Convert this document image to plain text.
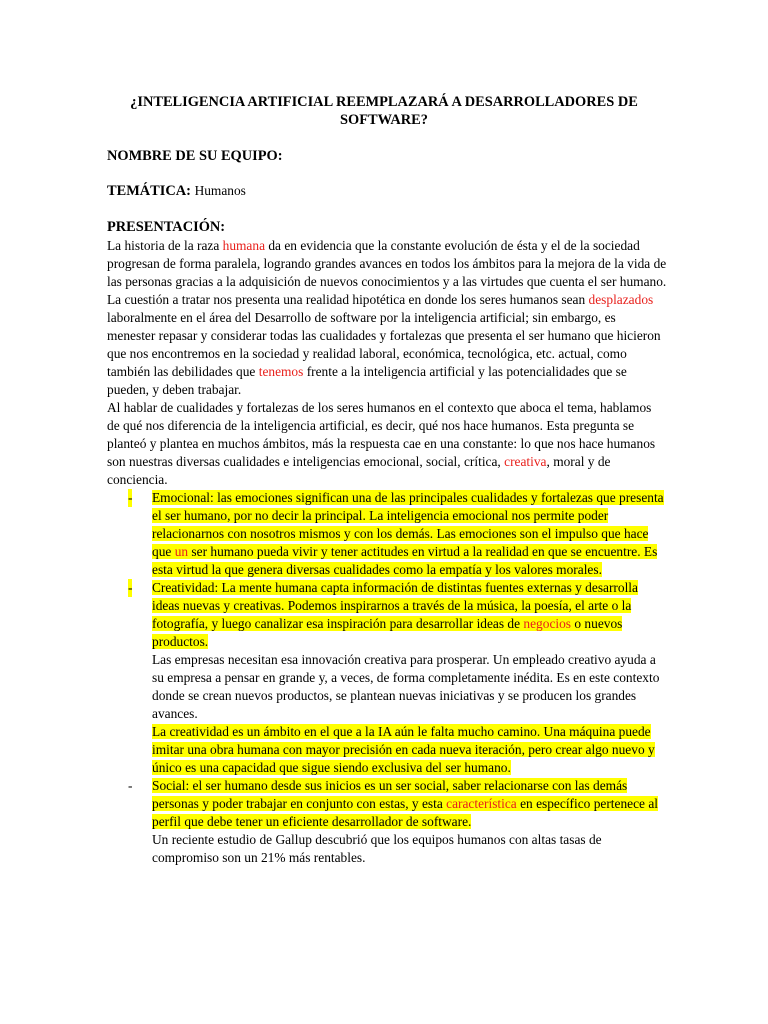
¿INTELIGENCIA ARTIFICIAL REEMPLAZARÁ A DESARROLLADORES DE SOFTWARE?
NOMBRE DE SU EQUIPO:
TEMÁTICA: Humanos
PRESENTACIÓN:

La historia de la raza humana da en evidencia que la constante evolución de ésta y el de la sociedad progresan de forma paralela, logrando grandes avances en todos los ámbitos para la mejora de la vida de las personas gracias a la adquisición de nuevos conocimientos y a las virtudes que cuenta el ser humano.

La cuestión a tratar nos presenta una realidad hipotética en donde los seres humanos sean desplazados laboralmente en el área del Desarrollo de software por la inteligencia artificial; sin embargo, es menester repasar y considerar todas las cualidades y fortalezas que presenta el ser humano que hicieron que nos encontremos en la sociedad y realidad laboral, económica, tecnológica, etc. actual, como también las debilidades que tenemos frente a la inteligencia artificial y las potencialidades que se pueden, y deben trabajar.

Al hablar de cualidades y fortalezas de los seres humanos en el contexto que aboca el tema, hablamos de qué nos diferencia de la inteligencia artificial, es decir, qué nos hace humanos. Esta pregunta se planteó y plantea en muchos ámbitos, más la respuesta cae en una constante: lo que nos hace humanos son nuestras diversas cualidades e inteligencias emocional, social, crítica, creativa, moral y de conciencia.

- Emocional: las emociones significan una de las principales cualidades y fortalezas que presenta el ser humano, por no decir la principal. La inteligencia emocional nos permite poder relacionarnos con nosotros mismos y con los demás. Las emociones son el impulso que hace que un ser humano pueda vivir y tener actitudes en virtud a la realidad en que se encuentre. Es esta virtud la que genera diversas cualidades como la empatía y los valores morales.
- Creatividad: La mente humana capta información de distintas fuentes externas y desarrolla ideas nuevas y creativas. Podemos inspirarnos a través de la música, la poesía, el arte o la fotografía, y luego canalizar esa inspiración para desarrollar ideas de negocios o nuevos productos.

Las empresas necesitan esa innovación creativa para prosperar. Un empleado creativo ayuda a su empresa a pensar en grande y, a veces, de forma completamente inédita. Es en este contexto donde se crean nuevos productos, se plantean nuevas iniciativas y se producen los grandes avances.

La creatividad es un ámbito en el que a la IA aún le falta mucho camino. Una máquina puede imitar una obra humana con mayor precisión en cada nueva iteración, pero crear algo nuevo y único es una capacidad que sigue siendo exclusiva del ser humano.

- Social: el ser humano desde sus inicios es un ser social, saber relacionarse con las demás personas y poder trabajar en conjunto con estas, y esta característica en específico pertenece al perfil que debe tener un eficiente desarrollador de software.

Un reciente estudio de Gallup descubrió que los equipos humanos con altas tasas de compromiso son un 21% más rentables.
